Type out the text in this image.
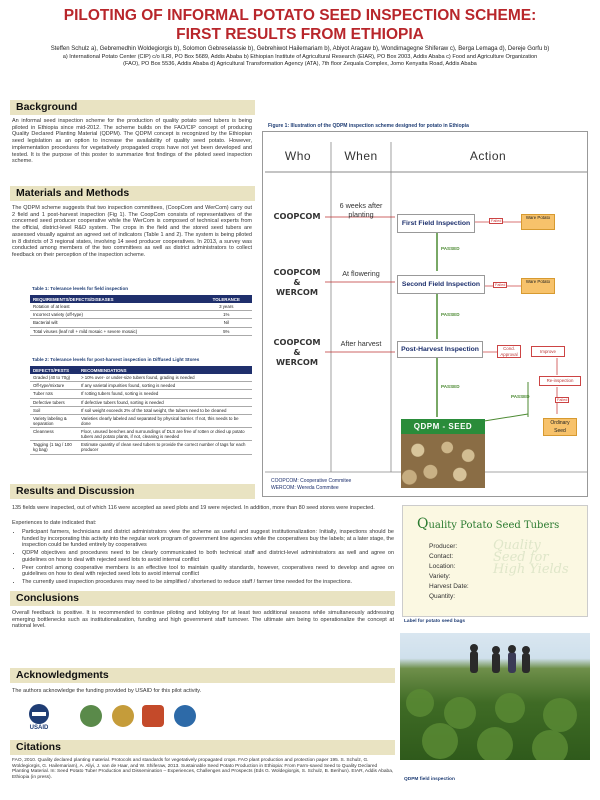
PILOTING OF INFORMAL POTATO SEED INSPECTION SCHEME:
FIRST RESULTS FROM ETHIOPIA
Steffen Schulz a), Gebremedhin Woldegiorgis b), Solomon Gebreselassie b), Gebrehiwot Hailemariam b), Abiyot Aragaw b), Wondimagegne Shiferaw c), Berga Lemaga d), Dereje Gorfu b)
a) International Potato Center (CIP) c/o ILRI, PO Box 5689, Addis Ababa b) Ethiopian Institute of Agricultural Research (EIAR), PO Box 2003, Addis Ababa c) Food and Agriculture Organization
(FAO), PO Box 5536, Addis Ababa d) Agricultural Transformation Agency (ATA), 7th floor Zequala Complex, Jomo Kenyatta Road, Addis Ababa
Background
An informal seed inspection scheme for the production of quality potato seed tubers is being piloted in Ethiopia since mid-2012. The scheme builds on the FAO/CIP concept of producing Quality Declared Planting Material (QDPM). The QDPM concept is recognized by the Ethiopian seed legislation as an option to increase the availability of quality seed potato. However, implementation procedures for vegetatively propagated crops have not yet been developed and tested. It is the purpose of this poster to summarize first findings of the piloted seed inspection scheme.
Materials and Methods
The QDPM scheme suggests that two inspection committees, (CoopCom and WerCom) carry out 2 field and 1 post-harvest inspection (Fig 1). The CoopCom consists of representatives of the concerned seed producer cooperative while the WerCom is composed of technical experts from the official, district-level R&D system. The crops in the field and the stored seed tubers are assessed visually against an agreed set of indicators (Table 1 and 2). The system is being piloted in 8 districts of 3 regional states, involving 14 seed producer cooperatives. In 2013, a survey was conducted among members of the two committees as well as district administrators to collect feedback on their perception of the inspection scheme.
Table 1: Tolerance levels for field inspection
REQUIREMENTS/DEFECTS/DISEASES	TOLERANCE
Rotation of at least	3 years
Incorrect variety (off-type)	1%
Bacterial wilt	Nil
Total viruses (leaf roll + mild mosaic + severe mosaic)	5%
Table 2: Tolerance levels for post-harvest inspection in Diffused Light Stores
DEFECTS/PESTS	RECOMMENDATIONS
Graded (40 to 70g)	> 10% over- or under-size tubers found, grading is needed
Off-type/mixture	If any varietal impurities found, sorting is needed
Tuber rots	If rotting tubers found, sorting is needed
Defective tubers	If defective tubers found, sorting is needed
Soil	If soil weight exceeds 2% of the total weight, the tubers need to be cleaned
Variety labeling & separation	Varieties clearly labeled and separated by physical barrier. If not, this needs to be done
Cleanness	Floor, unused benches and surroundings of DLS are free of rotten or dried up potato tubers and potato plants, if not, cleaning is needed
Tagging (1 tag / 100 kg bag)	Estimate quantity of clean seed tubers to provide the correct number of tags for each producer
Figure 1: Illustration of the QDPM inspection scheme designed for potato in Ethiopia
Who	When	Action
COOPCOM
COOPCOM
&
WERCOM
COOPCOM
&
WERCOM
6 weeks after planting
At flowering
After harvest
First Field Inspection
Second Field Inspection
Post-Harvest Inspection
Failed
Failed
Failed
Ware Potato
Ware Potato
PASSED
PASSED
PASSED
PASSED
Cond. Approval
Improve
Re-inspection
Ordinary Seed
COOPCOM: Cooperative Commitee
WERCOM: Wereda Commitee
QDPM - SEED
Results and Discussion
135 fields were inspected, out of which 116 were accepted as seed plots and 19 were rejected. In addition, more than 80 seed stores were inspected.
Experiences to date indicated that:
• Participant farmers, technicians and district administrators view the scheme as useful and suggest institutionalization: Initially, inspections should be funded by incorporating this activity into the regular work program of government line agencies while the cooperatives buy the labels; at a later stage, the inspection could be funded entirely by cooperatives
• QDPM objectives and procedures need to be clearly communicated to both technical staff and district-level administrators as well and agree on guidelines on how to deal with rejected seed lots to avoid internal conflict
• Peer control among cooperative members is an effective tool to maintain quality standards, however, cooperatives need to develop and agree on guidelines on how to deal with rejected seed lots to avoid internal conflict
• The currently used inspection procedures may need to be simplified / shortened to reduce staff / farmer time needed for the inspections.
Conclusions
Overall feedback is positive. It is recommended to continue piloting and lobbying for at least two additional seasons while simultaneously addressing emerging bottlenecks such as institutionalization, funding and high government staff turnover. The ultimate aim being to operationalize the concept at national level.
Acknowledgments
The authors acknowledge the funding provided by USAID for this pilot activity.
USAID
Citations
FAO, 2010. Quality declared planting material. Protocols and standards for vegetatively propagated crops. FAO plant production and protection paper 195. S. Schulz, G. Woldegiorgis, G. Hailemariam), A. Aliyi, J. van de Haar, and W. Shiferaw, 2013. Sustainable Seed Potato Production in Ethiopia: From Farm-saved Seed to Quality Declared Planting Material. In: Seed Potato Tuber Production and Dissemination – Experiences, Challenges and Prospects (Eds G. Woldegiorgis, S. Schulz, B. Berihun). EIAR, Addis Ababa, Ethiopia (in press).
Quality Potato Seed Tubers
Quality
Seed for
High Yields
Producer:
Contact:
Location:
Variety:
Harvest Date:
Quantity:
Label for potato seed bags
QDPM field inspection
